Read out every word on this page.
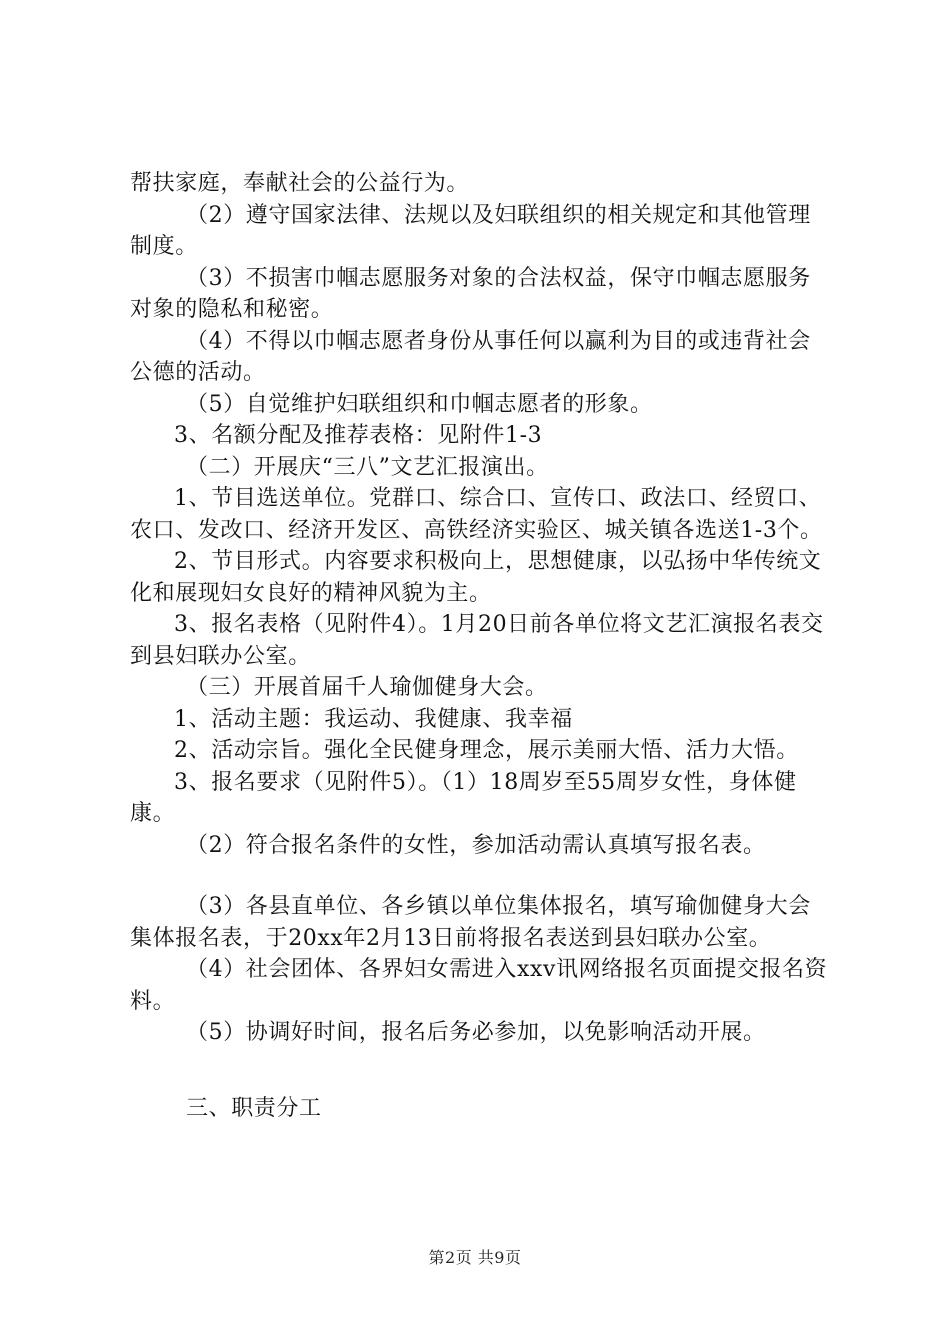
帮扶家庭，奉献社会的公益行为。

（2）遵守国家法律、法规以及妇联组织的相关规定和其他管理制度。

（3）不损害巾帼志愿服务对象的合法权益，保守巾帼志愿服务对象的隐私和秘密。

（4）不得以巾帼志愿者身份从事任何以赢利为目的或违背社会公德的活动。

（5）自觉维护妇联组织和巾帼志愿者的形象。

3、名额分配及推荐表格：见附件1-3

（二）开展庆“三八”文艺汇报演出。

1、节目选送单位。党群口、综合口、宣传口、政法口、经贸口、农口、发改口、经济开发区、高铁经济实验区、城关镇各选送1-3个。

2、节目形式。内容要求积极向上，思想健康，以弘扬中华传统文化和展现妇女良好的精神风貌为主。

3、报名表格（见附件4）。1月20日前各单位将文艺汇演报名表交到县妇联办公室。

（三）开展首届千人瑜伽健身大会。

1、活动主题：我运动、我健康、我幸福

2、活动宗旨。强化全民健身理念，展示美丽大悟、活力大悟。

3、报名要求（见附件5）。（1）18周岁至55周岁女性，身体健康。

（2）符合报名条件的女性，参加活动需认真填写报名表。

（3）各县直单位、各乡镇以单位集体报名，填写瑜伽健身大会集体报名表，于20xx年2月13日前将报名表送到县妇联办公室。

（4）社会团体、各界妇女需进入xxv讯网络报名页面提交报名资料。

（5）协调好时间，报名后务必参加，以免影响活动开展。

三、职责分工

第2页 共9页
